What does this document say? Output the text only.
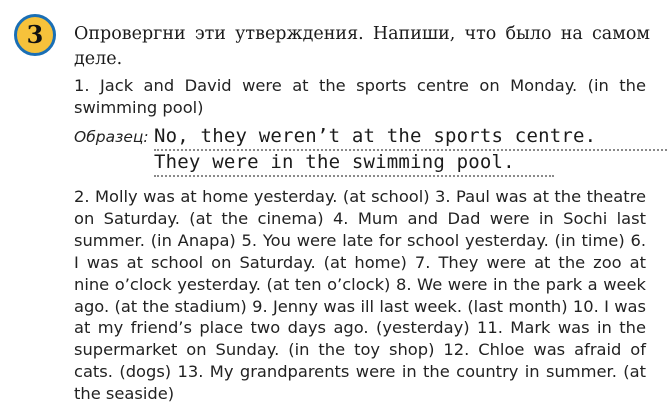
3 Опровергни эти утверждения. Напиши, что было на самом деле.
1. Jack and David were at the sports centre on Monday. (in the swimming pool)
Образец: No, they weren’t at the sports centre.
They were in the swimming pool.
2. Molly was at home yesterday. (at school) 3. Paul was at the theatre on Saturday. (at the cinema) 4. Mum and Dad were in Sochi last summer. (in Anapa) 5. You were late for school yesterday. (in time) 6. I was at school on Saturday. (at home) 7. They were at the zoo at nine o’clock yesterday. (at ten o’clock) 8. We were in the park a week ago. (at the stadium) 9. Jenny was ill last week. (last month) 10. I was at my friend’s place two days ago. (yesterday) 11. Mark was in the supermarket on Sunday. (in the toy shop) 12. Chloe was afraid of cats. (dogs) 13. My grandparents were in the country in summer. (at the seaside)
